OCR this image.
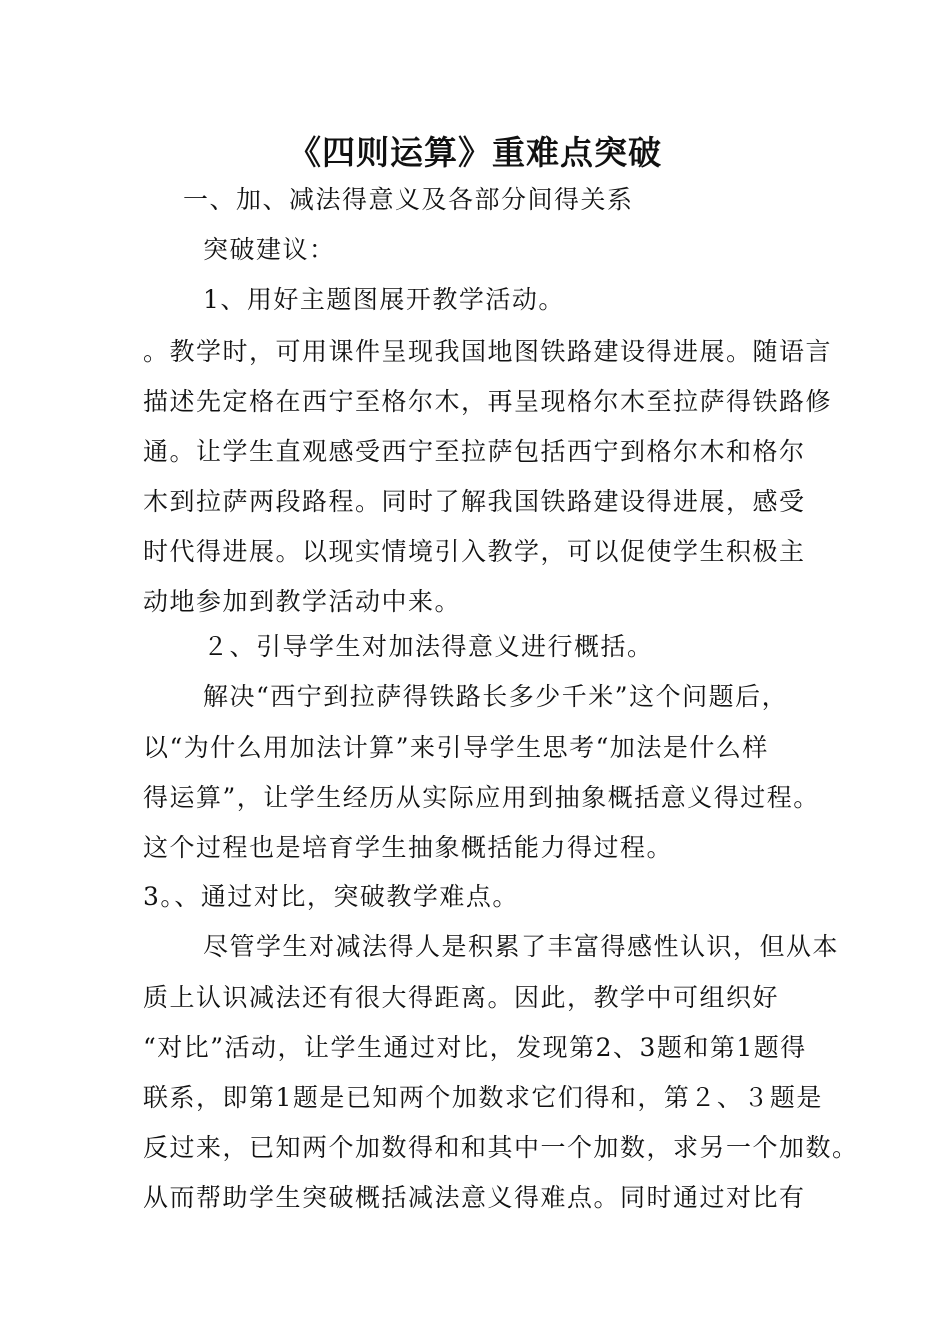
《四则运算》重难点突破

一、加、减法得意义及各部分间得关系

突破建议：

1、用好主题图展开教学活动。

。教学时，可用课件呈现我国地图铁路建设得进展。随语言

描述先定格在西宁至格尔木，再呈现格尔木至拉萨得铁路修

通。让学生直观感受西宁至拉萨包括西宁到格尔木和格尔

木到拉萨两段路程。同时了解我国铁路建设得进展，感受

时代得进展。以现实情境引入教学，可以促使学生积极主

动地参加到教学活动中来。

２、引导学生对加法得意义进行概括。

解决“西宁到拉萨得铁路长多少千米”这个问题后，

以“为什么用加法计算”来引导学生思考“加法是什么样

得运算”，让学生经历从实际应用到抽象概括意义得过程。

这个过程也是培育学生抽象概括能力得过程。

3。、通过对比，突破教学难点。

尽管学生对减法得人是积累了丰富得感性认识，但从本

质上认识减法还有很大得距离。因此，教学中可组织好

“对比”活动，让学生通过对比，发现第2、3题和第1题得

联系，即第1题是已知两个加数求它们得和，第２、３题是

反过来，已知两个加数得和和其中一个加数，求另一个加数。

从而帮助学生突破概括减法意义得难点。同时通过对比有
